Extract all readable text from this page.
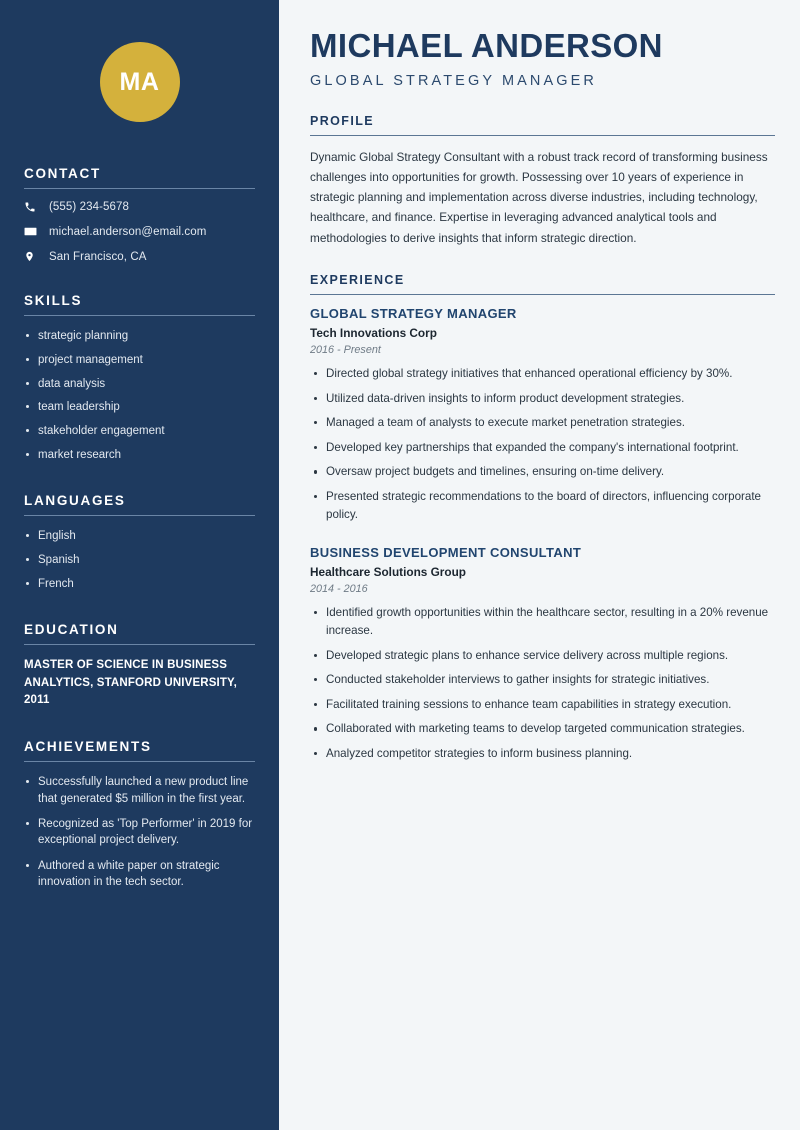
MA
CONTACT
(555) 234-5678
michael.anderson@email.com
San Francisco, CA
SKILLS
strategic planning
project management
data analysis
team leadership
stakeholder engagement
market research
LANGUAGES
English
Spanish
French
EDUCATION
MASTER OF SCIENCE IN BUSINESS ANALYTICS, STANFORD UNIVERSITY, 2011
ACHIEVEMENTS
Successfully launched a new product line that generated $5 million in the first year.
Recognized as 'Top Performer' in 2019 for exceptional project delivery.
Authored a white paper on strategic innovation in the tech sector.
MICHAEL ANDERSON
GLOBAL STRATEGY MANAGER
PROFILE

Dynamic Global Strategy Consultant with a robust track record of transforming business challenges into opportunities for growth. Possessing over 10 years of experience in strategic planning and implementation across diverse industries, including technology, healthcare, and finance. Expertise in leveraging advanced analytical tools and methodologies to derive insights that inform strategic direction.

EXPERIENCE
GLOBAL STRATEGY MANAGER
Tech Innovations Corp
2016 - Present
Directed global strategy initiatives that enhanced operational efficiency by 30%.
Utilized data-driven insights to inform product development strategies.
Managed a team of analysts to execute market penetration strategies.
Developed key partnerships that expanded the company's international footprint.
Oversaw project budgets and timelines, ensuring on-time delivery.
Presented strategic recommendations to the board of directors, influencing corporate policy.
BUSINESS DEVELOPMENT CONSULTANT
Healthcare Solutions Group
2014 - 2016
Identified growth opportunities within the healthcare sector, resulting in a 20% revenue increase.
Developed strategic plans to enhance service delivery across multiple regions.
Conducted stakeholder interviews to gather insights for strategic initiatives.
Facilitated training sessions to enhance team capabilities in strategy execution.
Collaborated with marketing teams to develop targeted communication strategies.
Analyzed competitor strategies to inform business planning.
